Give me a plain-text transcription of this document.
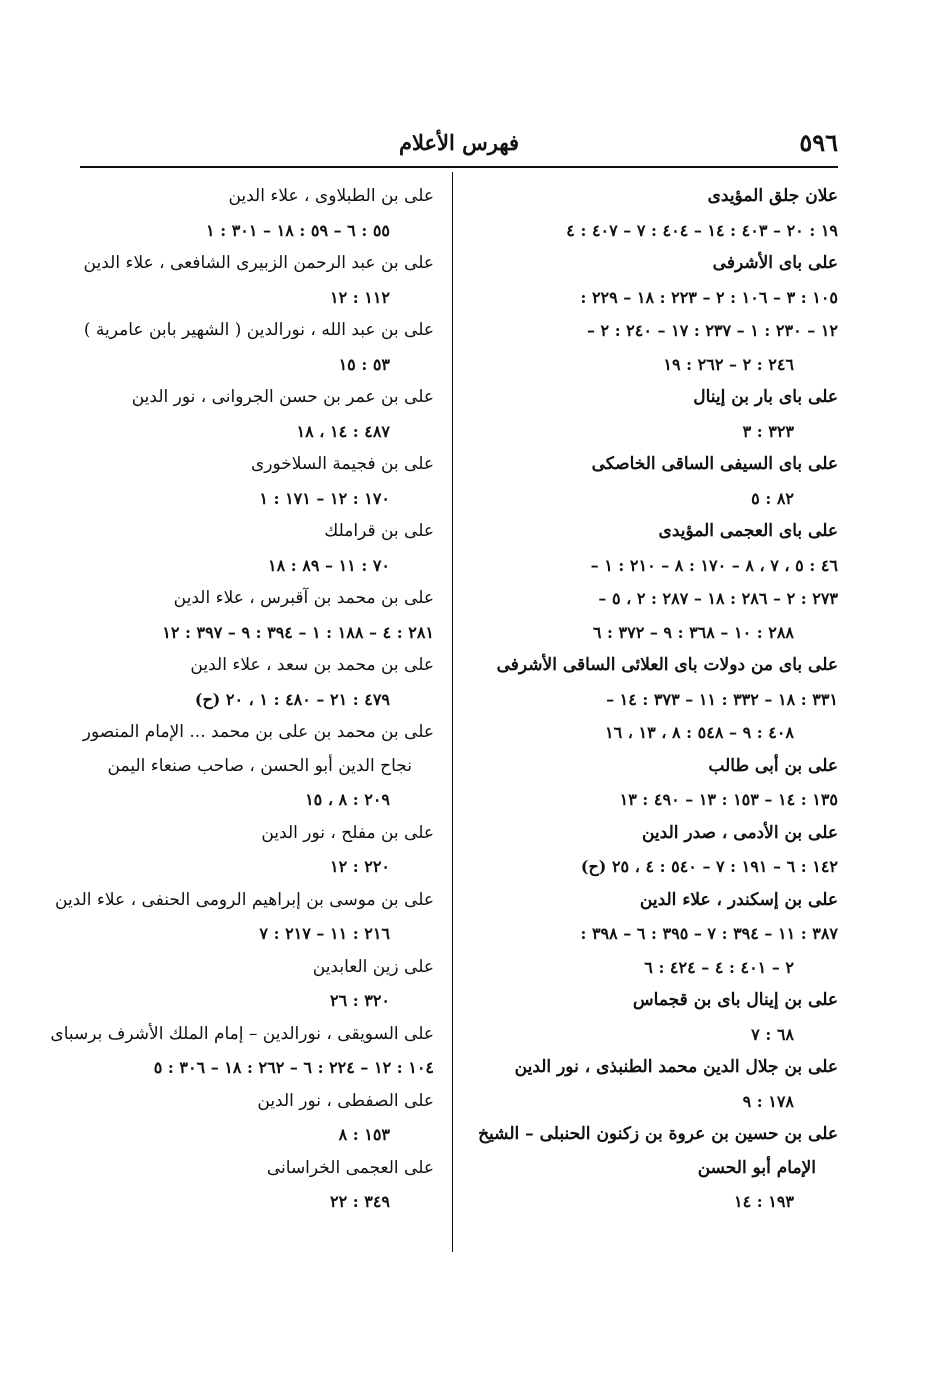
٥٩٦
فهرس الأعلام
علان جلق المؤيدى
١٩ : ٢٠ – ٤٠٣ : ١٤ – ٤٠٤ : ٧ – ٤٠٧ : ٤
على باى الأشرفى
١٠٥ : ٣ – ١٠٦ : ٢ – ٢٢٣ : ١٨ – ٢٢٩ :
١٢ – ٢٣٠ : ١ – ٢٣٧ : ١٧ – ٢٤٠ : ٢ –
٢٤٦ : ٢ – ٢٦٢ : ١٩
على باى بار بن إينال
٣٢٣ : ٣
على باى السيفى الساقى الخاصكى
٨٢ : ٥
على باى العجمى المؤيدى
٤٦ : ٥ ، ٧ ، ٨ – ١٧٠ : ٨ – ٢١٠ : ١ –
٢٧٣ : ٢ – ٢٨٦ : ١٨ – ٢٨٧ : ٢ ، ٥ –
٢٨٨ : ١٠ – ٣٦٨ : ٩ – ٣٧٢ : ٦
على باى من دولات باى العلائى الساقى الأشرفى
٣٣١ : ١٨ – ٣٣٢ : ١١ – ٣٧٣ : ١٤ –
٤٠٨ : ٩ – ٥٤٨ : ٨ ، ١٣ ، ١٦
على بن أبى طالب
١٣٥ : ١٤ – ١٥٣ : ١٣ – ٤٩٠ : ١٣
على بن الأدمى ، صدر الدين
١٤٢ : ٦ – ١٩١ : ٧ – ٥٤٠ : ٤ ، ٢٥ (ح)
على بن إسكندر ، علاء الدين
٣٨٧ : ١١ – ٣٩٤ : ٧ – ٣٩٥ : ٦ – ٣٩٨ :
٢ – ٤٠١ : ٤ – ٤٢٤ : ٦
على بن إينال باى بن قجماس
٦٨ : ٧
على بن جلال الدين محمد الطنبذى ، نور الدين
١٧٨ : ٩
على بن حسين بن عروة بن زكنون الحنبلى – الشيخ
الإمام أبو الحسن
١٩٣ : ١٤
على بن الطبلاوى ، علاء الدين
٥٥ : ٦ – ٥٩ : ١٨ – ٣٠١ : ١
على بن عبد الرحمن الزبيرى الشافعى ، علاء الدين
١١٢ : ١٢
على بن عبد الله ، نورالدين ( الشهير بابن عامرية )
٥٣ : ١٥
على بن عمر بن حسن الجروانى ، نور الدين
٤٨٧ : ١٤ ، ١٨
على بن فجيمة السلاخورى
١٧٠ : ١٢ – ١٧١ : ١
على بن قراملك
٧٠ : ١١ – ٨٩ : ١٨
على بن محمد بن آقبرس ، علاء الدين
٢٨١ : ٤ – ١٨٨ : ١ – ٣٩٤ : ٩ – ٣٩٧ : ١٢
على بن محمد بن سعد ، علاء الدين
٤٧٩ : ٢١ – ٤٨٠ : ١ ، ٢٠ (ح)
على بن محمد بن على بن محمد ... الإمام المنصور
نجاح الدين أبو الحسن ، صاحب صنعاء اليمن
٢٠٩ : ٨ ، ١٥
على بن مفلح ، نور الدين
٢٢٠ : ١٢
على بن موسى بن إبراهيم الرومى الحنفى ، علاء الدين
٢١٦ : ١١ – ٢١٧ : ٧
على زين العابدين
٣٢٠ : ٢٦
على السويقى ، نورالدين – إمام الملك الأشرف برسباى
١٠٤ : ١٢ – ٢٢٤ : ٦ – ٢٦٢ : ١٨ – ٣٠٦ : ٥
على الصفطى ، نور الدين
١٥٣ : ٨
على العجمى الخراسانى
٣٤٩ : ٢٢
